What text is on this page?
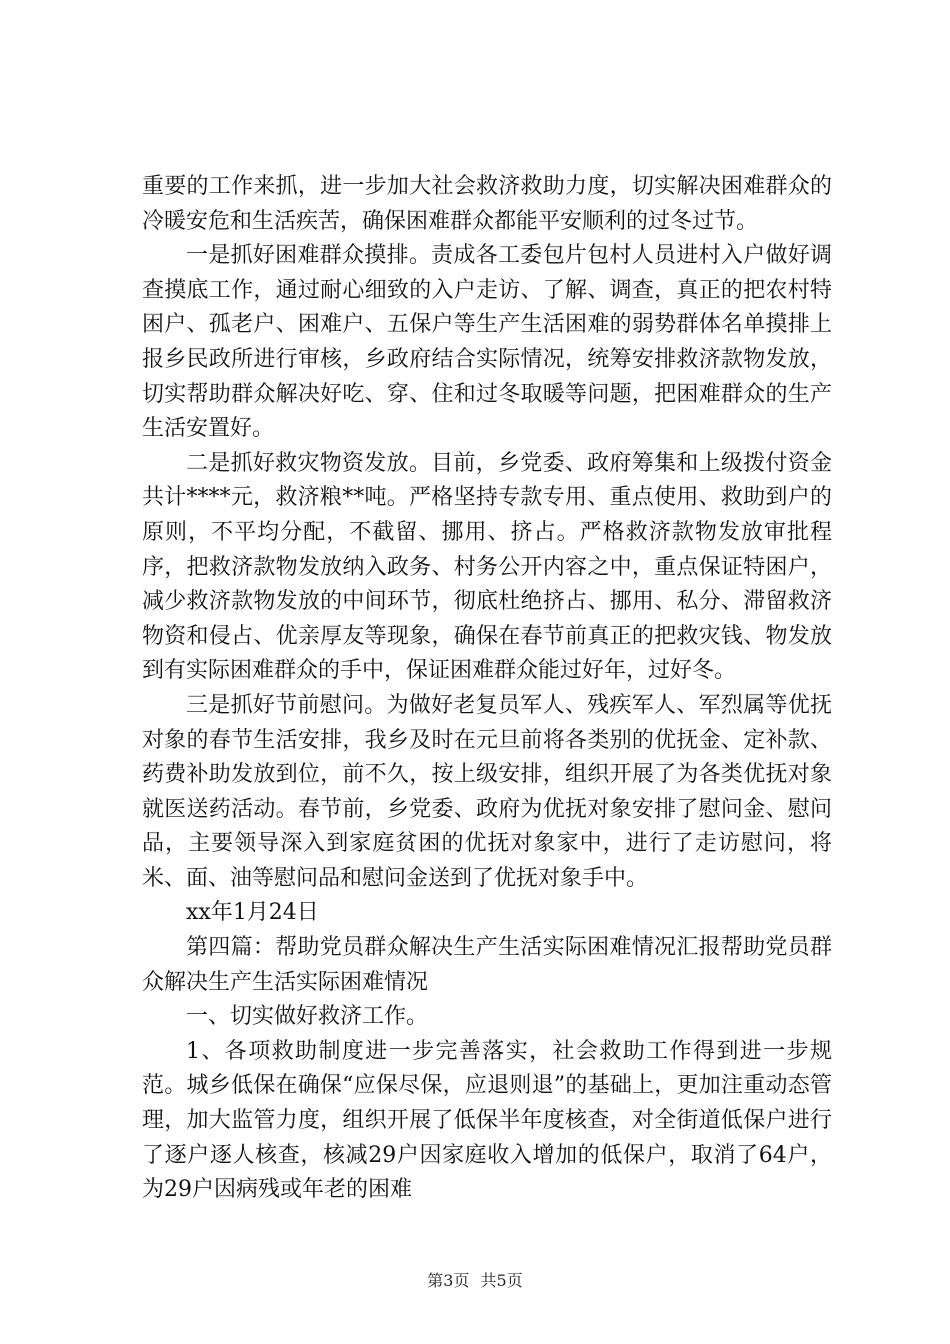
重要的工作来抓，进一步加大社会救济救助力度，切实解决困难群众的冷暖安危和生活疾苦，确保困难群众都能平安顺利的过冬过节。

一是抓好困难群众摸排。责成各工委包片包村人员进村入户做好调查摸底工作，通过耐心细致的入户走访、了解、调查，真正的把农村特困户、孤老户、困难户、五保户等生产生活困难的弱势群体名单摸排上报乡民政所进行审核，乡政府结合实际情况，统筹安排救济款物发放，切实帮助群众解决好吃、穿、住和过冬取暖等问题，把困难群众的生产生活安置好。

二是抓好救灾物资发放。目前，乡党委、政府筹集和上级拨付资金共计****元，救济粮**吨。严格坚持专款专用、重点使用、救助到户的原则，不平均分配，不截留、挪用、挤占。严格救济款物发放审批程序，把救济款物发放纳入政务、村务公开内容之中，重点保证特困户，减少救济款物发放的中间环节，彻底杜绝挤占、挪用、私分、滞留救济物资和侵占、优亲厚友等现象，确保在春节前真正的把救灾钱、物发放到有实际困难群众的手中，保证困难群众能过好年，过好冬。

三是抓好节前慰问。为做好老复员军人、残疾军人、军烈属等优抚对象的春节生活安排，我乡及时在元旦前将各类别的优抚金、定补款、药费补助发放到位，前不久，按上级安排，组织开展了为各类优抚对象就医送药活动。春节前，乡党委、政府为优抚对象安排了慰问金、慰问品，主要领导深入到家庭贫困的优抚对象家中，进行了走访慰问，将米、面、油等慰问品和慰问金送到了优抚对象手中。

xx年1月24日

第四篇：帮助党员群众解决生产生活实际困难情况汇报帮助党员群众解决生产生活实际困难情况

一、切实做好救济工作。

1、各项救助制度进一步完善落实，社会救助工作得到进一步规范。城乡低保在确保“应保尽保，应退则退”的基础上，更加注重动态管理，加大监管力度，组织开展了低保半年度核查，对全街道低保户进行了逐户逐人核查，核减29户因家庭收入增加的低保户，取消了64户，为29户因病残或年老的困难

第3页 共5页
